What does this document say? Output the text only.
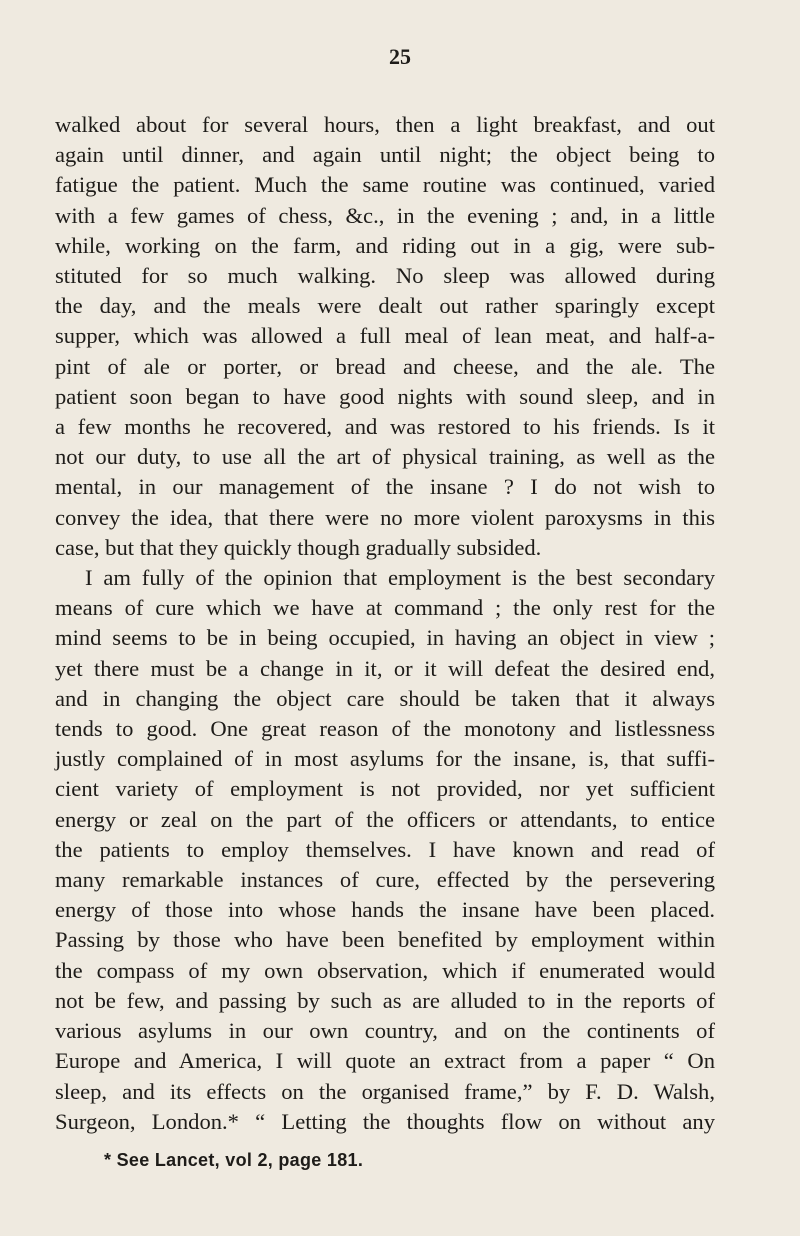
25
walked about for several hours, then a light breakfast, and out
again until dinner, and again until night; the object being to
fatigue the patient. Much the same routine was continued, varied
with a few games of chess, &c., in the evening ; and, in a little
while, working on the farm, and riding out in a gig, were sub-
stituted for so much walking. No sleep was allowed during
the day, and the meals were dealt out rather sparingly except
supper, which was allowed a full meal of lean meat, and half-a-
pint of ale or porter, or bread and cheese, and the ale. The
patient soon began to have good nights with sound sleep, and in
a few months he recovered, and was restored to his friends. Is it
not our duty, to use all the art of physical training, as well as the
mental, in our management of the insane ? I do not wish to
convey the idea, that there were no more violent paroxysms in this
case, but that they quickly though gradually subsided.
I am fully of the opinion that employment is the best secondary
means of cure which we have at command ; the only rest for the
mind seems to be in being occupied, in having an object in view ;
yet there must be a change in it, or it will defeat the desired end,
and in changing the object care should be taken that it always
tends to good. One great reason of the monotony and listlessness
justly complained of in most asylums for the insane, is, that suffi-
cient variety of employment is not provided, nor yet sufficient
energy or zeal on the part of the officers or attendants, to entice
the patients to employ themselves. I have known and read of
many remarkable instances of cure, effected by the persevering
energy of those into whose hands the insane have been placed.
Passing by those who have been benefited by employment within
the compass of my own observation, which if enumerated would
not be few, and passing by such as are alluded to in the reports of
various asylums in our own country, and on the continents of
Europe and America, I will quote an extract from a paper “ On
sleep, and its effects on the organised frame,” by F. D. Walsh,
Surgeon, London.* “ Letting the thoughts flow on without any
* See Lancet, vol 2, page 181.
